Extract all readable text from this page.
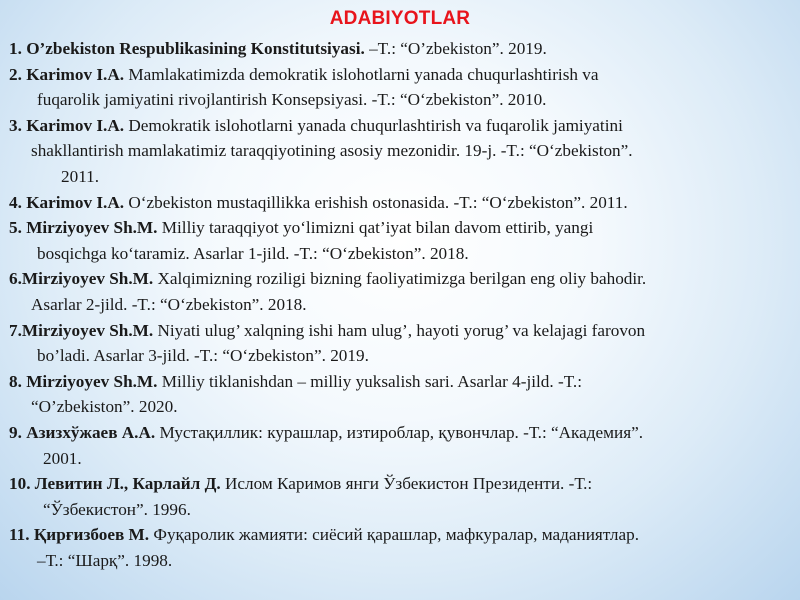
ADABIYOTLAR
1. O’zbekiston Respublikasining Konstitutsiyasi. –T.: “O’zbekiston”. 2019.
2. Karimov I.A. Mamlakatimizda demokratik islohotlarni yanada chuqurlashtirish va
fuqarolik jamiyatini rivojlantirish Konsepsiyasi. -T.: “O‘zbekiston”. 2010.
3. Karimov I.A. Demokratik islohotlarni yanada chuqurlashtirish va fuqarolik jamiyatini
shakllantirish mamlakatimiz taraqqiyotining asosiy mezonidir. 19-j. -T.: “O‘zbekiston”.
2011.
4. Karimov I.A. O‘zbekiston mustaqillikka erishish ostonasida. -T.: “O‘zbekiston”. 2011.
5. Mirziyoyev Sh.M. Milliy taraqqiyot yo‘limizni qat’iyat bilan davom ettirib, yangi
bosqichga ko‘taramiz. Asarlar 1-jild. -T.: “O‘zbekiston”. 2018.
6.Mirziyoyev Sh.M. Xalqimizning roziligi bizning faoliyatimizga berilgan eng oliy bahodir.
Asarlar 2-jild. -T.: “O‘zbekiston”. 2018.
7.Mirziyoyev Sh.M. Niyati ulug’ xalqning ishi ham ulug’, hayoti yorug’ va kelajagi farovon
bo’ladi. Asarlar 3-jild. -T.: “O‘zbekiston”. 2019.
8. Mirziyoyev Sh.M. Milliy tiklanishdan – milliy yuksalish sari. Asarlar 4-jild. -T.:
“O’zbekiston”. 2020.
9. Азизхўжаев А.А. Мустақиллик: курашлар, изтироблар, қувончлар. -Т.: “Академия”.
2001.
10. Левитин Л., Карлайл Д. Ислом Каримов янги Ўзбекистон Президенти. -Т.:
“Ўзбекистон”. 1996.
11. Қирғизбоев М. Фуқаролик жамияти: сиёсий қарашлар, мафкуралар, маданиятлар.
–Т.: “Шарқ”. 1998.
